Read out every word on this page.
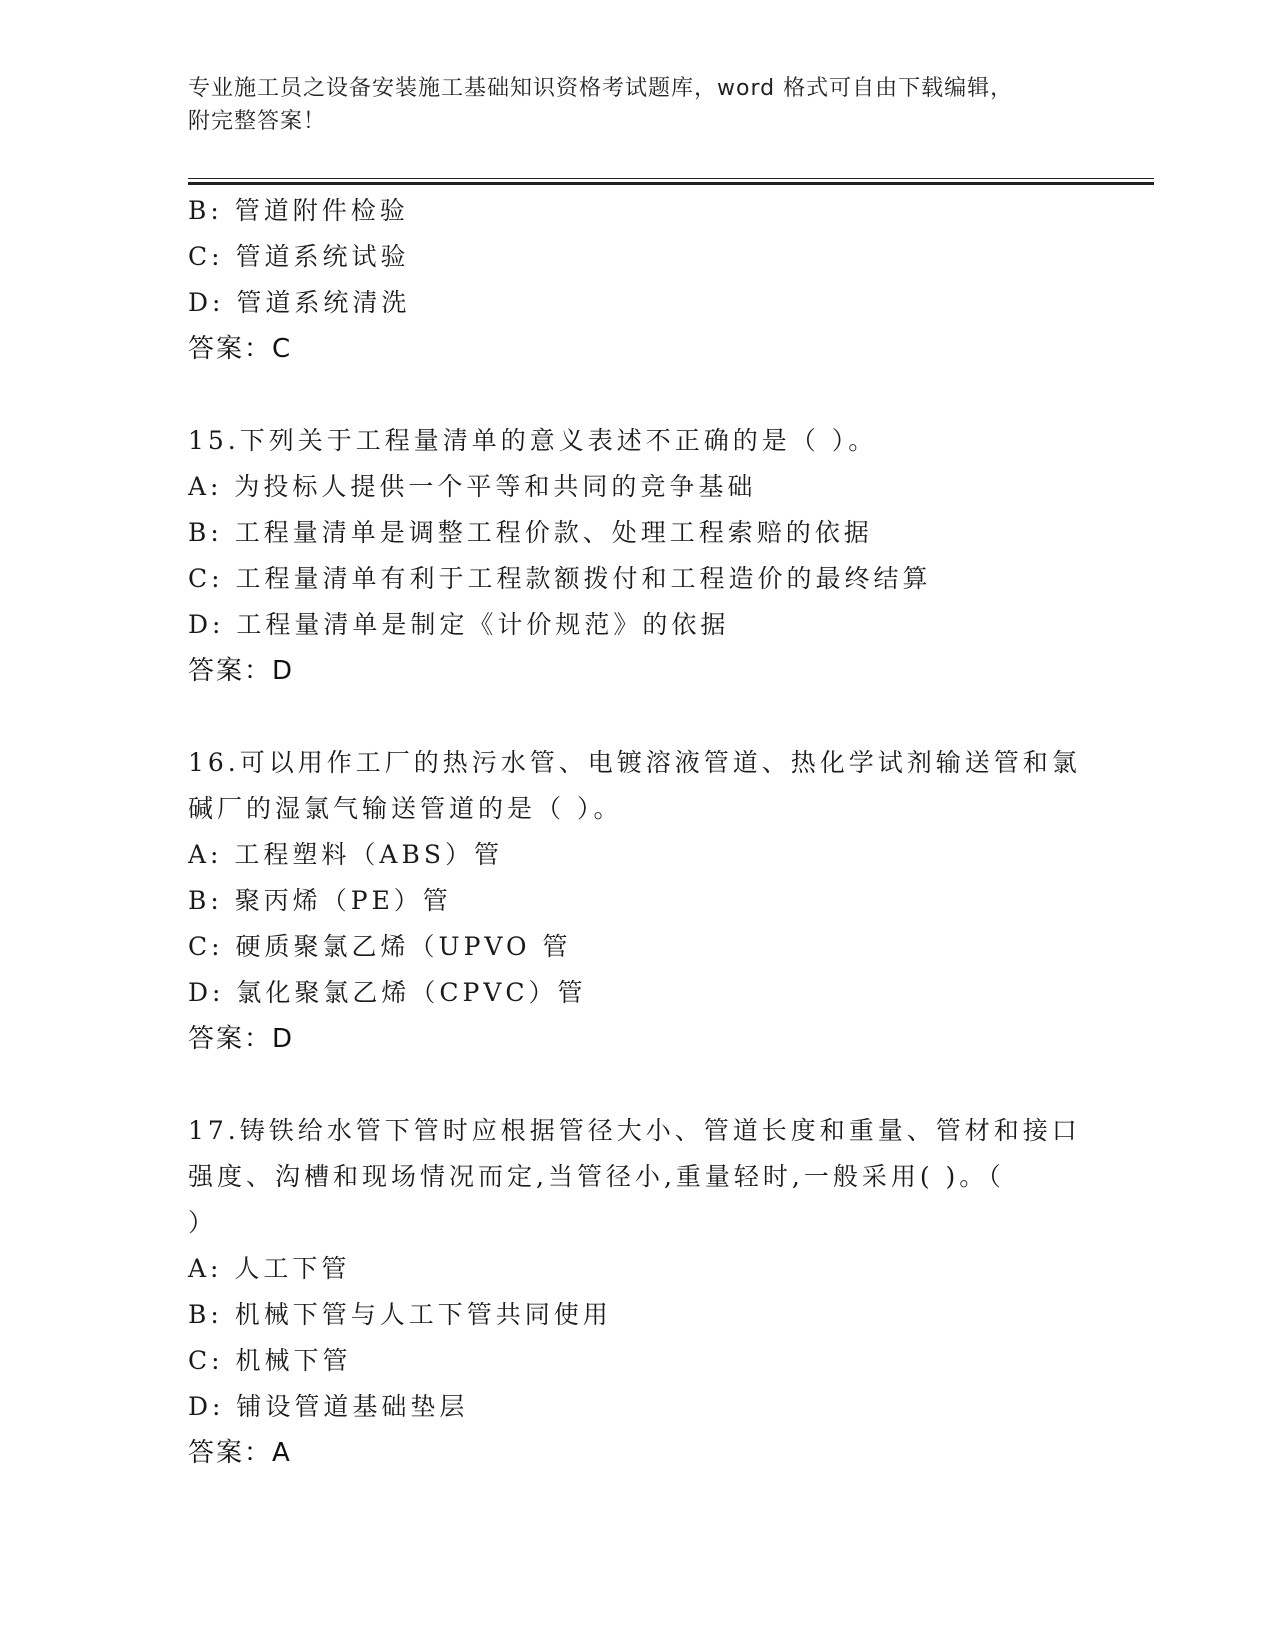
专业施工员之设备安装施工基础知识资格考试题库，word 格式可自由下载编辑，
附完整答案！
B: 管道附件检验
C: 管道系统试验
D: 管道系统清洗
答案：C
15.下列关于工程量清单的意义表述不正确的是（ ）。
A: 为投标人提供一个平等和共同的竞争基础
B: 工程量清单是调整工程价款、处理工程索赔的依据
C: 工程量清单有利于工程款额拨付和工程造价的最终结算
D: 工程量清单是制定《计价规范》的依据
答案：D
16.可以用作工厂的热污水管、电镀溶液管道、热化学试剂输送管和氯
碱厂的湿氯气输送管道的是（ ）。
A: 工程塑料（ABS）管
B: 聚丙烯（PE）管
C: 硬质聚氯乙烯（UPVO 管
D: 氯化聚氯乙烯（CPVC）管
答案：D
17.铸铁给水管下管时应根据管径大小、管道长度和重量、管材和接口
强度、沟槽和现场情况而定,当管径小,重量轻时,一般采用( )。（
）
A: 人工下管
B: 机械下管与人工下管共同使用
C: 机械下管
D: 铺设管道基础垫层
答案：A
